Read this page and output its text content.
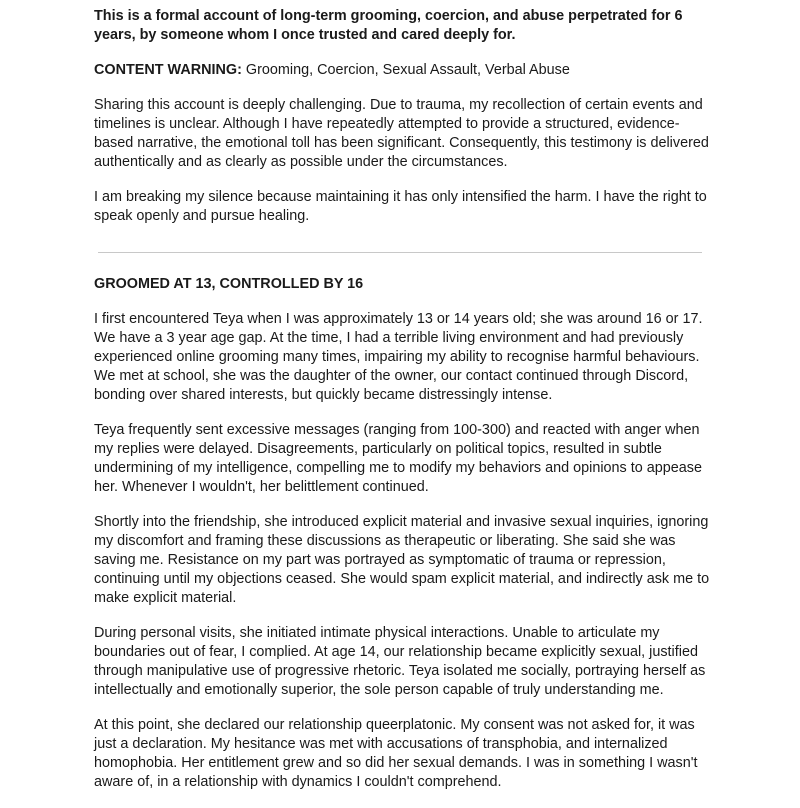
This is a formal account of long-term grooming, coercion, and abuse perpetrated for 6 years, by someone whom I once trusted and cared deeply for.

CONTENT WARNING: Grooming, Coercion, Sexual Assault, Verbal Abuse

Sharing this account is deeply challenging. Due to trauma, my recollection of certain events and timelines is unclear. Although I have repeatedly attempted to provide a structured, evidence-based narrative, the emotional toll has been significant. Consequently, this testimony is delivered authentically and as clearly as possible under the circumstances.

I am breaking my silence because maintaining it has only intensified the harm. I have the right to speak openly and pursue healing.

GROOMED AT 13, CONTROLLED BY 16

I first encountered Teya when I was approximately 13 or 14 years old; she was around 16 or 17. We have a 3 year age gap. At the time, I had a terrible living environment and had previously experienced online grooming many times, impairing my ability to recognise harmful behaviours. We met at school, she was the daughter of the owner, our contact continued through Discord, bonding over shared interests, but quickly became distressingly intense.

Teya frequently sent excessive messages (ranging from 100-300) and reacted with anger when my replies were delayed. Disagreements, particularly on political topics, resulted in subtle undermining of my intelligence, compelling me to modify my behaviors and opinions to appease her. Whenever I wouldn't, her belittlement continued.

Shortly into the friendship, she introduced explicit material and invasive sexual inquiries, ignoring my discomfort and framing these discussions as therapeutic or liberating. She said she was saving me. Resistance on my part was portrayed as symptomatic of trauma or repression, continuing until my objections ceased. She would spam explicit material, and indirectly ask me to make explicit material.

During personal visits, she initiated intimate physical interactions. Unable to articulate my boundaries out of fear, I complied. At age 14, our relationship became explicitly sexual, justified through manipulative use of progressive rhetoric. Teya isolated me socially, portraying herself as intellectually and emotionally superior, the sole person capable of truly understanding me.

At this point, she declared our relationship queerplatonic. My consent was not asked for, it was just a declaration. My hesitance was met with accusations of transphobia, and internalized homophobia. Her entitlement grew and so did her sexual demands. I was in something I wasn't aware of, in a relationship with dynamics I couldn't comprehend.
